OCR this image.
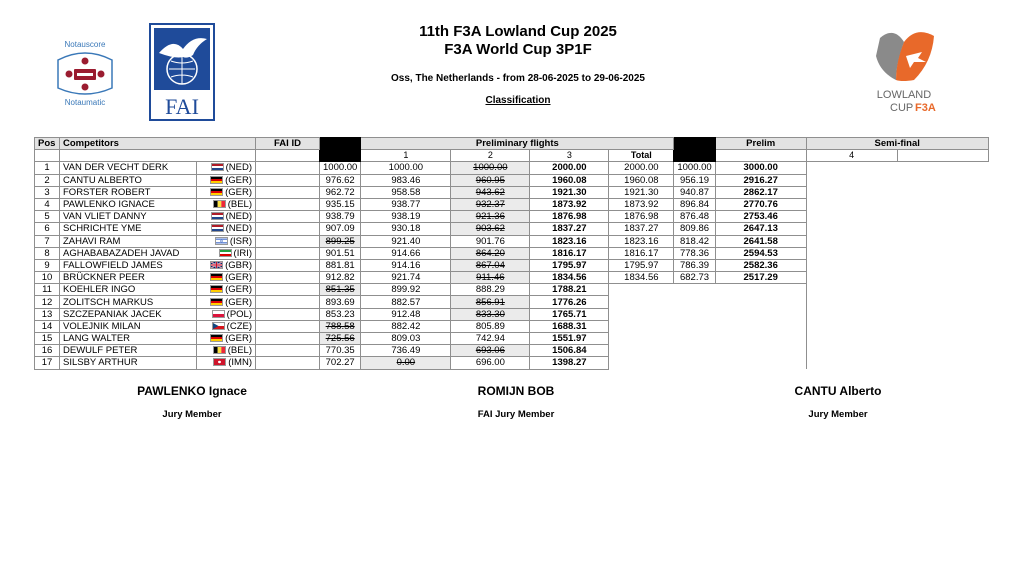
Notauscore
Notaumatic	FAI	LOWLAND
CUP F3A
11th F3A Lowland Cup 2025
F3A World Cup 3P1F
Oss, The Netherlands - from 28-06-2025 to 29-06-2025
Classification
Pos	Competitors		FAI ID		Preliminary flights					Prelim	Semi-final	
					1	2	3	Total			4	
1	VAN DER VECHT DERK	(NED)		1000.00	1000.00	1000.00	2000.00	2000.00	1000.00	3000.00		
2	CANTU ALBERTO	(GER)		976.62	983.46	960.95	1960.08	1960.08	956.19	2916.27		
3	FORSTER ROBERT	(GER)		962.72	958.58	943.62	1921.30	1921.30	940.87	2862.17		
4	PAWLENKO IGNACE	(BEL)		935.15	938.77	932.37	1873.92	1873.92	896.84	2770.76		
5	VAN VLIET DANNY	(NED)		938.79	938.19	921.36	1876.98	1876.98	876.48	2753.46		
6	SCHRICHTE YME	(NED)		907.09	930.18	903.62	1837.27	1837.27	809.86	2647.13		
7	ZAHAVI RAM	(ISR)		899.25	921.40	901.76	1823.16	1823.16	818.42	2641.58		
8	AGHABABAZADEH JAVAD	(IRI)		901.51	914.66	864.20	1816.17	1816.17	778.36	2594.53		
9	FALLOWFIELD JAMES	(GBR)		881.81	914.16	867.04	1795.97	1795.97	786.39	2582.36		
10	BRÜCKNER PEER	(GER)		912.82	921.74	911.46	1834.56	1834.56	682.73	2517.29		
11	KOEHLER INGO	(GER)		851.35	899.92	888.29	1788.21					
12	ZOLITSCH MARKUS	(GER)		893.69	882.57	856.91	1776.26					
13	SZCZEPANIAK JACEK	(POL)		853.23	912.48	833.30	1765.71					
14	VOLEJNIK MILAN	(CZE)		788.58	882.42	805.89	1688.31					
15	LANG WALTER	(GER)		725.56	809.03	742.94	1551.97					
16	DEWULF PETER	(BEL)		770.35	736.49	693.06	1506.84					
17	SILSBY ARTHUR	(IMN)		702.27	0.00	696.00	1398.27					
PAWLENKO Ignace
Jury Member
ROMIJN BOB
FAI Jury Member
CANTU Alberto
Jury Member
